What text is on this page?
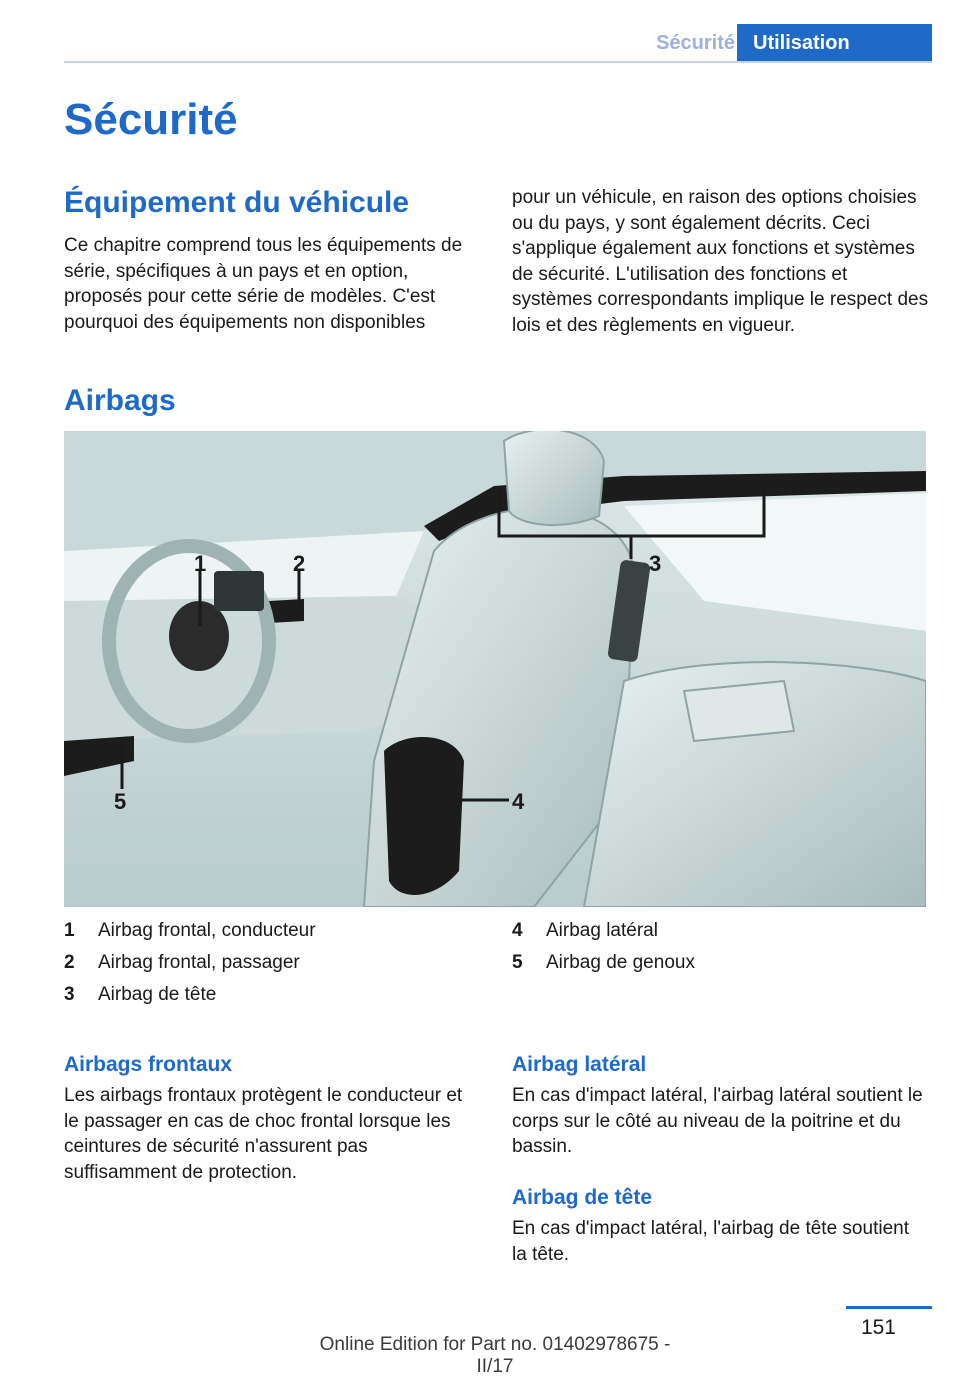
Sécurité Utilisation
Sécurité
Équipement du véhicule

Ce chapitre comprend tous les équipements de série, spécifiques à un pays et en option, proposés pour cette série de modèles. C'est pourquoi des équipements non disponibles

pour un véhicule, en raison des options choisies ou du pays, y sont également décrits. Ceci s'applique également aux fonctions et systèmes de sécurité. L'utilisation des fonctions et systèmes correspondants implique le respect des lois et des règlements en vigueur.

Airbags
1	2	3
4
5
1 Airbag frontal, conducteur
2 Airbag frontal, passager
3 Airbag de tête
4 Airbag latéral
5 Airbag de genoux
Airbags frontaux

Les airbags frontaux protègent le conducteur et le passager en cas de choc frontal lorsque les ceintures de sécurité n'assurent pas suffisamment de protection.

Airbag latéral

En cas d'impact latéral, l'airbag latéral soutient le corps sur le côté au niveau de la poitrine et du bassin.

Airbag de tête

En cas d'impact latéral, l'airbag de tête soutient la tête.

151
Online Edition for Part no. 01402978675 - II/17
